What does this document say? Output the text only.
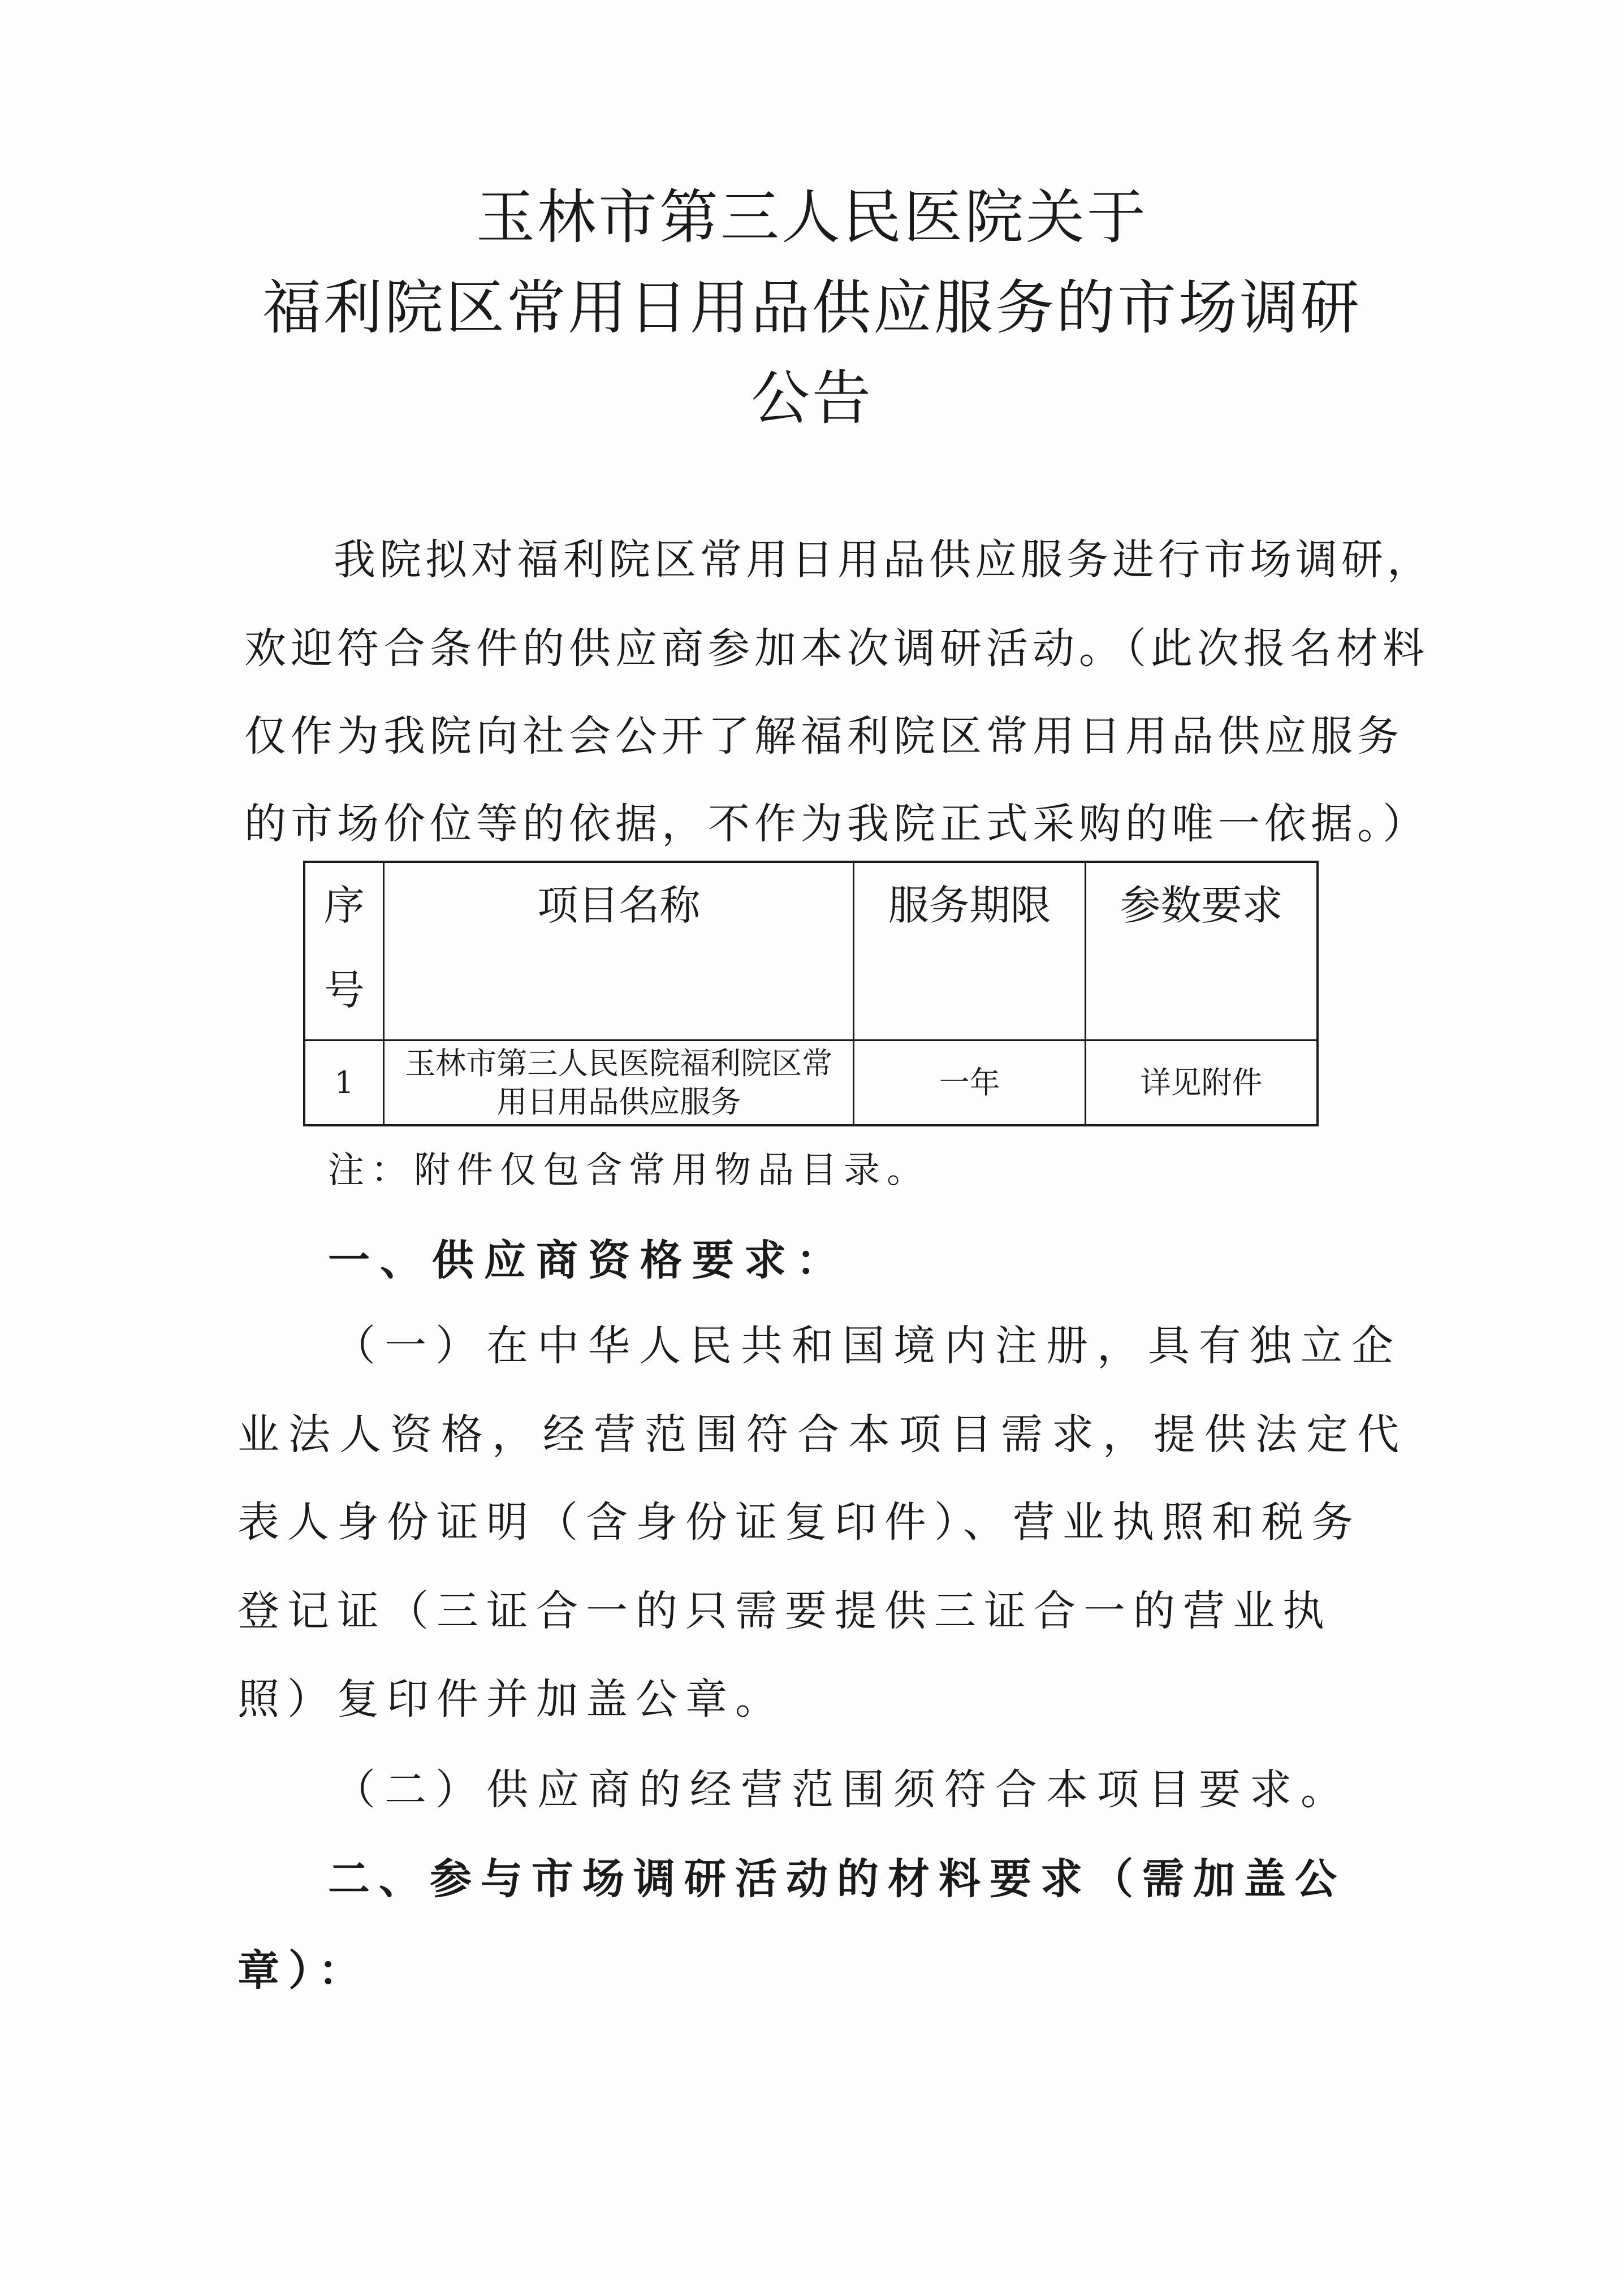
玉林市第三人民医院关于
福利院区常用日用品供应服务的市场调研
公告
我院拟对福利院区常用日用品供应服务进行市场调研，
欢迎符合条件的供应商参加本次调研活动。（此次报名材料
仅作为我院向社会公开了解福利院区常用日用品供应服务
的市场价位等的依据，不作为我院正式采购的唯一依据。）
序号	项目名称	服务期限	参数要求
1	玉林市第三人民医院福利院区常用日用品供应服务	一年	详见附件
注：附件仅包含常用物品目录。
一、供应商资格要求：
（一）在中华人民共和国境内注册，具有独立企
业法人资格，经营范围符合本项目需求，提供法定代
表人身份证明（含身份证复印件）、营业执照和税务
登记证（三证合一的只需要提供三证合一的营业执
照）复印件并加盖公章。
（二）供应商的经营范围须符合本项目要求。
二、参与市场调研活动的材料要求（需加盖公
章）：
